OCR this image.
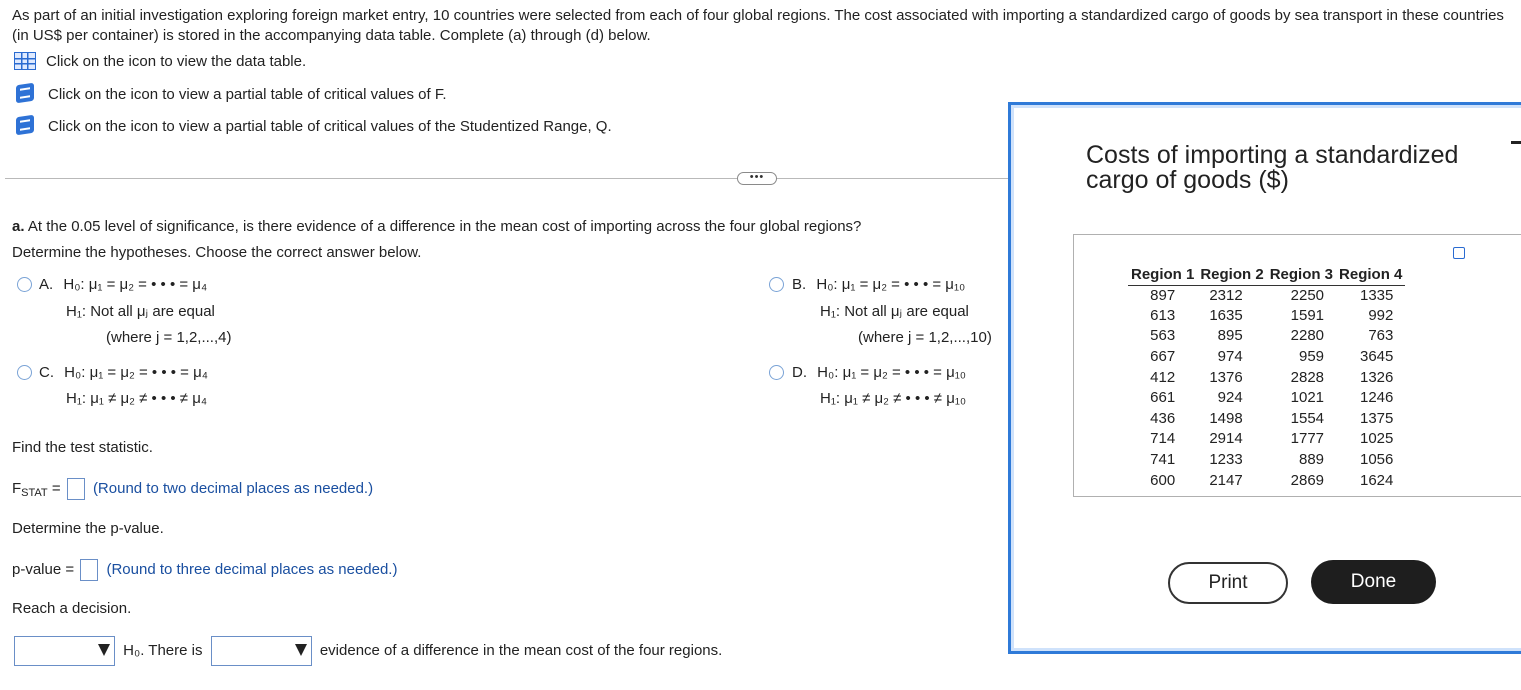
As part of an initial investigation exploring foreign market entry, 10 countries were selected from each of four global regions. The cost associated with importing a standardized cargo of goods by sea transport in these countries (in US$ per container) is stored in the accompanying data table. Complete (a) through (d) below.
Click on the icon to view the data table.
Click on the icon to view a partial table of critical values of F.
Click on the icon to view a partial table of critical values of the Studentized Range, Q.
•••
a. At the 0.05 level of significance, is there evidence of a difference in the mean cost of importing across the four global regions?
Determine the hypotheses. Choose the correct answer below.
A. H₀: μ₁ = μ₂ = • • • = μ₄
H₁: Not all μⱼ are equal
(where j = 1,2,...,4)
B. H₀: μ₁ = μ₂ = • • • = μ₁₀
H₁: Not all μⱼ are equal
(where j = 1,2,...,10)
C. H₀: μ₁ = μ₂ = • • • = μ₄
H₁: μ₁ ≠ μ₂ ≠ • • • ≠ μ₄
D. H₀: μ₁ = μ₂ = • • • = μ₁₀
H₁: μ₁ ≠ μ₂ ≠ • • • ≠ μ₁₀
Find the test statistic.
$F_{STAT}$ = (Round to two decimal places as needed.)
Determine the p-value.
p-value = (Round to three decimal places as needed.)
Reach a decision.
H₀. There is	evidence of a difference in the mean cost of the four regions.
Costs of importing a standardized cargo of goods ($)
Region 1	Region 2	Region 3	Region 4
897	2312	2250	1335
613	1635	1591	992
563	895	2280	763
667	974	959	3645
412	1376	2828	1326
661	924	1021	1246
436	1498	1554	1375
714	2914	1777	1025
741	1233	889	1056
600	2147	2869	1624
Print	Done
